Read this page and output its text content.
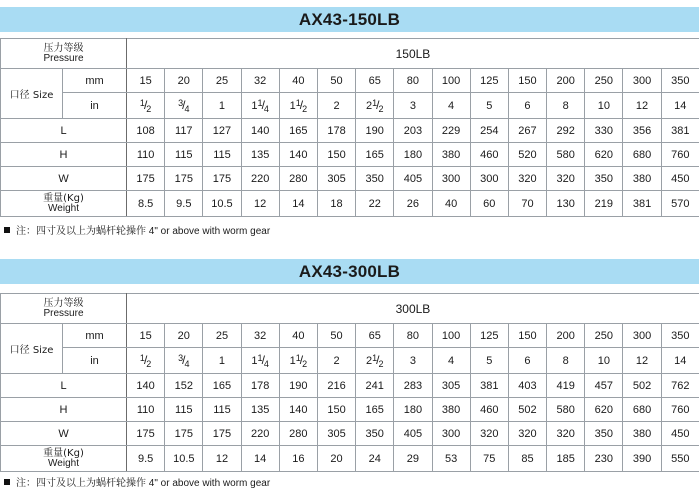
AX43-150LB
压力等级
Pressure		150LB														
口径 Size	mm	15	20	25	32	40	50	65	80	100	125	150	200	250	300	350
	in	$^1/_2$	$^3/_4$	1	$1^1/_4$	$1^1/_2$	2	$2^1/_2$	3	4	5	6	8	10	12	14
L		108	117	127	140	165	178	190	203	229	254	267	292	330	356	381
H		110	115	115	135	140	150	165	180	380	460	520	580	620	680	760
W		175	175	175	220	280	305	350	405	300	300	320	320	350	380	450

重量(Kg)
Weight		8.5	9.5	10.5	12	14	18	22	26	40	60	70	130	219	381	570
注：四寸及以上为蜗杆轮操作 4" or above with worm gear
AX43-300LB
压力等级
Pressure		300LB														
口径 Size	mm	15	20	25	32	40	50	65	80	100	125	150	200	250	300	350
	in	$^1/_2$	$^3/_4$	1	$1^1/_4$	$1^1/_2$	2	$2^1/_2$	3	4	5	6	8	10	12	14
L		140	152	165	178	190	216	241	283	305	381	403	419	457	502	762
H		110	115	115	135	140	150	165	180	380	460	502	580	620	680	760
W		175	175	175	220	280	305	350	405	300	320	320	320	350	380	450

重量(Kg)
Weight		9.5	10.5	12	14	16	20	24	29	53	75	85	185	230	390	550
注：四寸及以上为蜗杆轮操作 4" or above with worm gear
